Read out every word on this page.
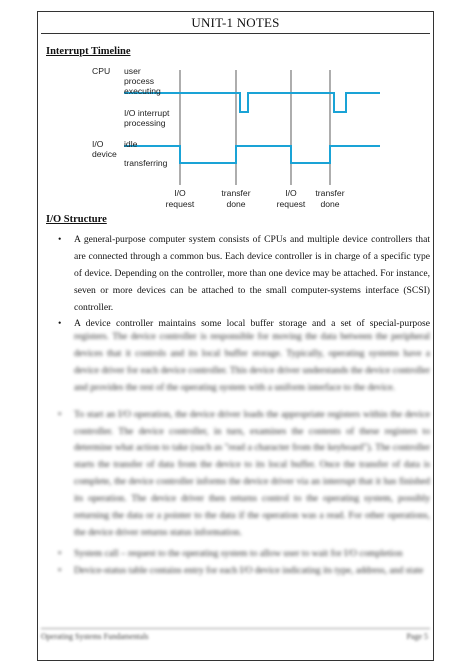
UNIT-1 NOTES
Interrupt Timeline
CPU user
process
executing
I/O interrupt
processing
I/O
device
idle
transferring
I/O
request
transfer
done
I/O
request
transfer
done
I/O Structure

• A general-purpose computer system consists of CPUs and multiple device controllers that are connected through a common bus. Each device controller is in charge of a specific type of device. Depending on the controller, more than one device may be attached. For instance, seven or more devices can be attached to the small computer-systems interface (SCSI) controller.

• A device controller maintains some local buffer storage and a set of special-purpose

registers. The device controller is responsible for moving the data between the peripheral devices that it controls and its local buffer storage. Typically, operating systems have a device driver for each device controller. This device driver understands the device controller and provides the rest of the operating system with a uniform interface to the device.

• To start an I/O operation, the device driver loads the appropriate registers within the device controller. The device controller, in turn, examines the contents of these registers to determine what action to take (such as "read a character from the keyboard"). The controller starts the transfer of data from the device to its local buffer. Once the transfer of data is complete, the device controller informs the device driver via an interrupt that it has finished its operation. The device driver then returns control to the operating system, possibly returning the data or a pointer to the data if the operation was a read. For other operations, the device driver returns status information.

• System call – request to the operating system to allow user to wait for I/O completion

• Device-status table contains entry for each I/O device indicating its type, address, and state

Operating Systems Fundamentals	Page 5
